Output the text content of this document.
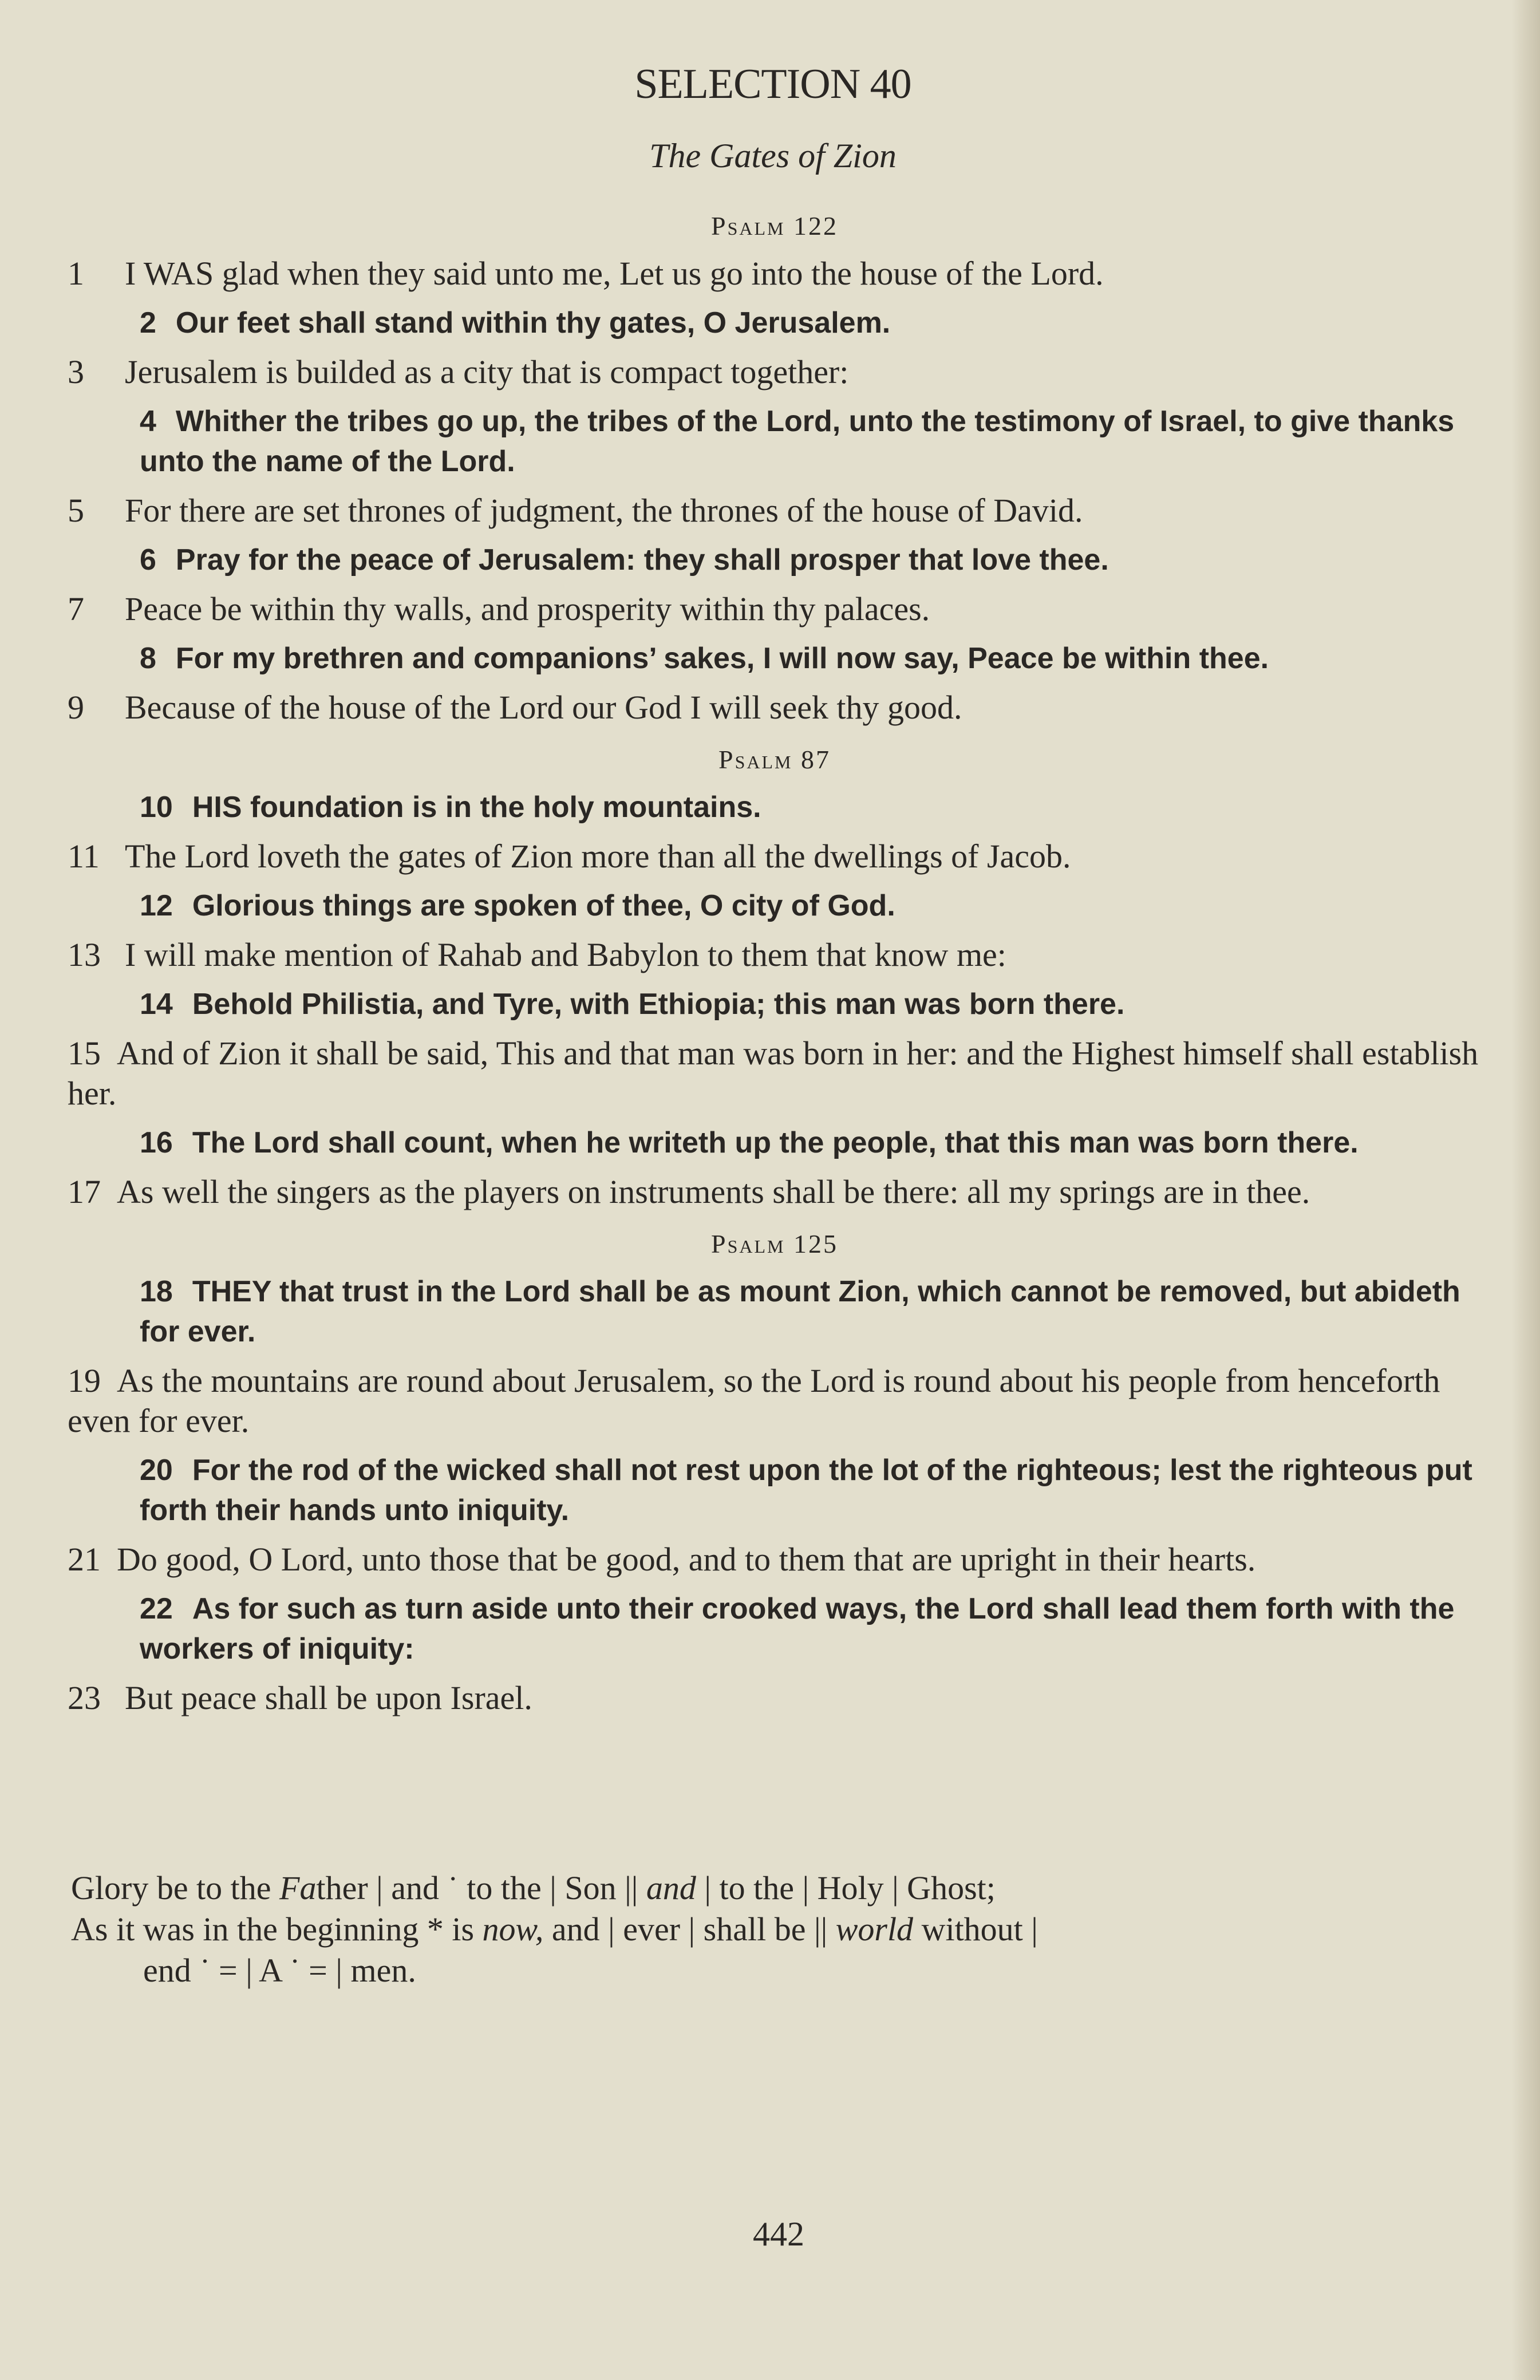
SELECTION 40
The Gates of Zion
Psalm 122
1 I WAS glad when they said unto me, Let us go into the house of the Lord.
2 Our feet shall stand within thy gates, O Jerusalem.
3 Jerusalem is builded as a city that is compact together:
4 Whither the tribes go up, the tribes of the Lord, unto the testimony of Israel, to give thanks unto the name of the Lord.
5 For there are set thrones of judgment, the thrones of the house of David.
6 Pray for the peace of Jerusalem: they shall prosper that love thee.
7 Peace be within thy walls, and prosperity within thy palaces.
8 For my brethren and companions’ sakes, I will now say, Peace be within thee.
9 Because of the house of the Lord our God I will seek thy good.
Psalm 87
10 HIS foundation is in the holy mountains.
11 The Lord loveth the gates of Zion more than all the dwellings of Jacob.
12 Glorious things are spoken of thee, O city of God.
13 I will make mention of Rahab and Babylon to them that know me:
14 Behold Philistia, and Tyre, with Ethiopia; this man was born there.
15 And of Zion it shall be said, This and that man was born in her: and the Highest himself shall establish her.
16 The Lord shall count, when he writeth up the people, that this man was born there.
17 As well the singers as the players on instruments shall be there: all my springs are in thee.
Psalm 125
18 THEY that trust in the Lord shall be as mount Zion, which cannot be removed, but abideth for ever.
19 As the mountains are round about Jerusalem, so the Lord is round about his people from henceforth even for ever.
20 For the rod of the wicked shall not rest upon the lot of the righteous; lest the righteous put forth their hands unto iniquity.
21 Do good, O Lord, unto those that be good, and to them that are upright in their hearts.
22 As for such as turn aside unto their crooked ways, the Lord shall lead them forth with the workers of iniquity:
23 But peace shall be upon Israel.
Glory be to the Father | and ˙ to the | Son || and | to the | Holy | Ghost;
As it was in the beginning * is now, and | ever | shall be || world without |
end ˙ = | A ˙ = | men.
442
